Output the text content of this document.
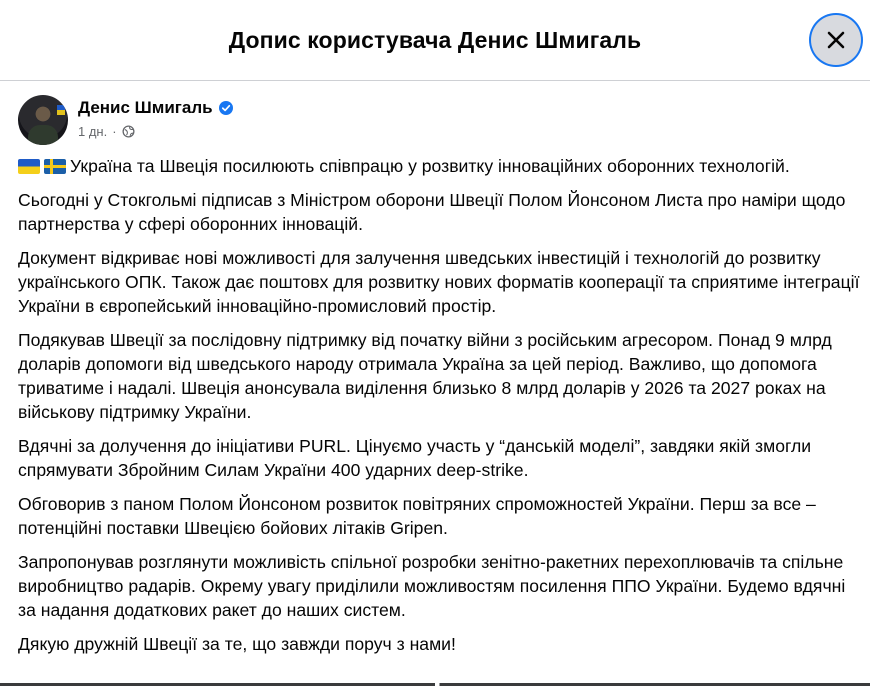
Допис користувача Денис Шмигаль
Денис Шмигаль
1 дн. ·

Україна та Швеція посилюють співпрацю у розвитку інноваційних оборонних технологій.

Сьогодні у Стокгольмі підписав з Міністром оборони Швеції Полом Йонсоном Листа про наміри щодо партнерства у сфері оборонних інновацій.

Документ відкриває нові можливості для залучення шведських інвестицій і технологій до розвитку українського ОПК. Також дає поштовх для розвитку нових форматів кооперації та сприятиме інтеграції України в європейський інноваційно-промисловий простір.

Подякував Швеції за послідовну підтримку від початку війни з російським агресором. Понад 9 млрд доларів допомоги від шведського народу отримала Україна за цей період. Важливо, що допомога триватиме і надалі. Швеція анонсувала виділення близько 8 млрд доларів у 2026 та 2027 роках на військову підтримку України.

Вдячні за долучення до ініціативи PURL. Цінуємо участь у “данській моделі”, завдяки якій змогли спрямувати Збройним Силам України 400 ударних deep-strike.

Обговорив з паном Полом Йонсоном розвиток повітряних спроможностей України. Перш за все – потенційні поставки Швецією бойових літаків Gripen.

Запропонував розглянути можливість спільної розробки зенітно-ракетних перехоплювачів та спільне виробництво радарів. Окрему увагу приділили можливостям посилення ППО України. Будемо вдячні за надання додаткових ракет до наших систем.

Дякую дружній Швеції за те, що завжди поруч з нами!
